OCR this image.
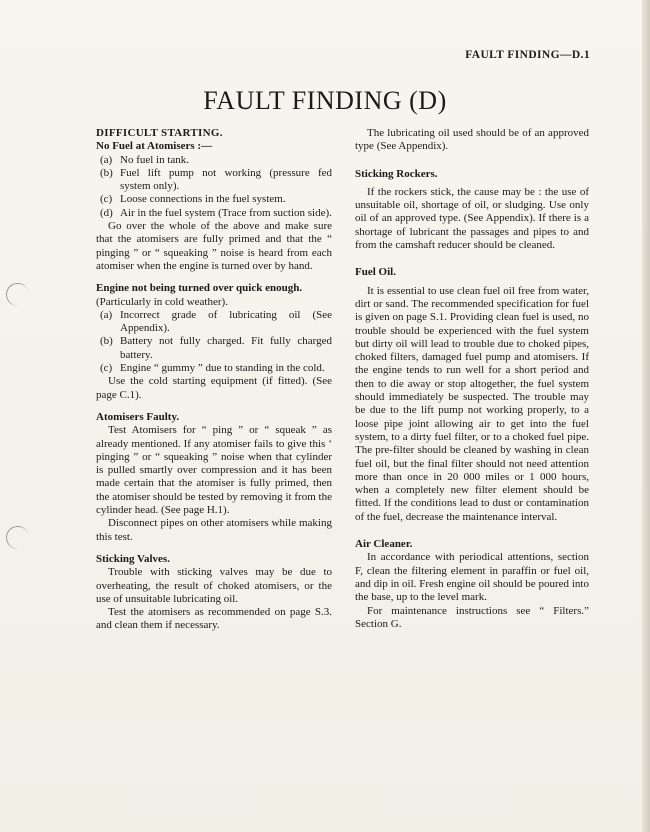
FAULT FINDING—D.1
FAULT FINDING (D)

DIFFICULT STARTING.

No Fuel at Atomisers :—

(a) No fuel in tank.
(b) Fuel lift pump not working (pressure fed system only).
(c) Loose connections in the fuel system.
(d) Air in the fuel system (Trace from suction side).

Go over the whole of the above and make sure that the atomisers are fully primed and that the “ pinging ” or “ squeaking ” noise is heard from each atomiser when the engine is turned over by hand.

Engine not being turned over quick enough.

(Particularly in cold weather).

(a) Incorrect grade of lubricating oil (See Appendix).
(b) Battery not fully charged. Fit fully charged battery.
(c) Engine “ gummy ” due to standing in the cold.

Use the cold starting equipment (if fitted). (See page C.1).

Atomisers Faulty.

Test Atomisers for “ ping ” or “ squeak ” as already mentioned. If any atomiser fails to give this ‘ pinging ” or “ squeaking ” noise when that cylinder is pulled smartly over compression and it has been made certain that the atomiser is fully primed, then the atomiser should be tested by removing it from the cylinder head. (See page H.1).

Disconnect pipes on other atomisers while making this test.

Sticking Valves.

Trouble with sticking valves may be due to overheating, the result of choked atomisers, or the use of unsuitable lubricating oil.

Test the atomisers as recommended on page S.3. and clean them if necessary.

The lubricating oil used should be of an approved type (See Appendix).

Sticking Rockers.

If the rockers stick, the cause may be : the use of unsuitable oil, shortage of oil, or sludging. Use only oil of an approved type. (See Appendix). If there is a shortage of lubricant the passages and pipes to and from the camshaft reducer should be cleaned.

Fuel Oil.

It is essential to use clean fuel oil free from water, dirt or sand. The recommended specification for fuel is given on page S.1. Providing clean fuel is used, no trouble should be experienced with the fuel system but dirty oil will lead to trouble due to choked pipes, choked filters, damaged fuel pump and atomisers. If the engine tends to run well for a short period and then to die away or stop altogether, the fuel system should immediately be suspected. The trouble may be due to the lift pump not working properly, to a loose pipe joint allowing air to get into the fuel system, to a dirty fuel filter, or to a choked fuel pipe. The pre-filter should be cleaned by washing in clean fuel oil, but the final filter should not need attention more than once in 20 000 miles or 1 000 hours, when a completely new filter element should be fitted. If the conditions lead to dust or contamination of the fuel, decrease the maintenance interval.

Air Cleaner.

In accordance with periodical attentions, section F, clean the filtering element in paraffin or fuel oil, and dip in oil. Fresh engine oil should be poured into the base, up to the level mark.

For maintenance instructions see “ Filters.” Section G.
